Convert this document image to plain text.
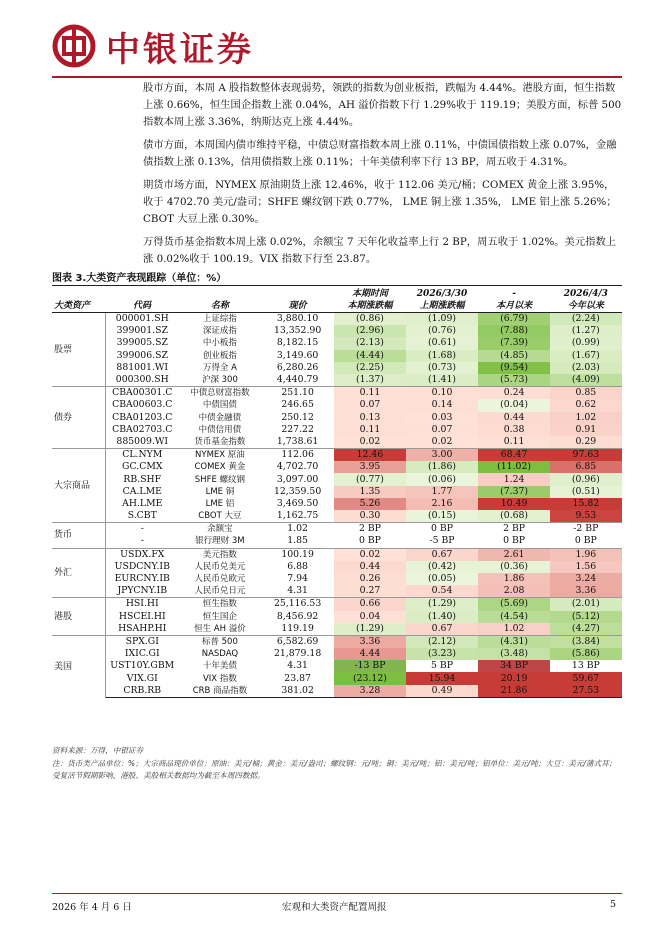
中银证券

股市方面，本周 A 股指数整体表现弱势，领跌的指数为创业板指，跌幅为 4.44%。港股方面，恒生指数上涨 0.66%，恒生国企指数上涨 0.04%，AH 溢价指数下行 1.29%收于 119.19；美股方面，标普 500 指数本周上涨 3.36%，纳斯达克上涨 4.44%。

债市方面，本周国内债市维持平稳，中债总财富指数本周上涨 0.11%，中债国债指数上涨 0.07%，金融债指数上涨 0.13%，信用债指数上涨 0.11%；十年美债利率下行 13 BP，周五收于 4.31%。

期货市场方面，NYMEX 原油期货上涨 12.46%，收于 112.06 美元/桶；COMEX 黄金上涨 3.95%，收于 4702.70 美元/盎司；SHFE 螺纹钢下跌 0.77%， LME 铜上涨 1.35%， LME 铝上涨 5.26%；CBOT 大豆上涨 0.30%。

万得货币基金指数本周上涨 0.02%，余额宝 7 天年化收益率上行 2 BP，周五收于 1.02%。美元指数上涨 0.02%收于 100.19。VIX 指数下行至 23.87。

图表 3.大类资产表现跟踪（单位：%）
				本期时间	2026/3/30	-	2026/4/3
大类资产	代码	名称	现价	本期涨跌幅	上期涨跌幅	本月以来	今年以来
股票	000001.SH	上证综指	3,880.10	(0.86)	(1.09)	(6.79)	(2.24)
	399001.SZ	深证成指	13,352.90	(2.96)	(0.76)	(7.88)	(1.27)
	399005.SZ	中小板指	8,182.15	(2.13)	(0.61)	(7.39)	(0.99)
	399006.SZ	创业板指	3,149.60	(4.44)	(1.68)	(4.85)	(1.67)
	881001.WI	万得全 A	6,280.26	(2.25)	(0.73)	(9.54)	(2.03)
	000300.SH	沪深 300	4,440.79	(1.37)	(1.41)	(5.73)	(4.09)
债券	CBA00301.C	中债总财富指数	251.10	0.11	0.10	0.24	0.85
	CBA00603.C	中债国债	246.65	0.07	0.14	(0.04)	0.62
	CBA01203.C	中债金融债	250.12	0.13	0.03	0.44	1.02
	CBA02703.C	中债信用债	227.22	0.11	0.07	0.38	0.91
	885009.WI	货币基金指数	1,738.61	0.02	0.02	0.11	0.29
大宗商品	CL.NYM	NYMEX 原油	112.06	12.46	3.00	68.47	97.63
	GC.CMX	COMEX 黄金	4,702.70	3.95	(1.86)	(11.02)	6.85
	RB.SHF	SHFE 螺纹钢	3,097.00	(0.77)	(0.06)	1.24	(0.96)
	CA.LME	LME 铜	12,359.50	1.35	1.77	(7.37)	(0.51)
	AH.LME	LME 铝	3,469.50	5.26	2.16	10.49	15.82
	S.CBT	CBOT 大豆	1,162.75	0.30	(0.15)	(0.68)	9.53
货币	-	余额宝	1.02	2 BP	0 BP	2 BP	-2 BP
	-	银行理财 3M	1.85	0 BP	-5 BP	0 BP	0 BP
外汇	USDX.FX	美元指数	100.19	0.02	0.67	2.61	1.96
	USDCNY.IB	人民币兑美元	6.88	0.44	(0.42)	(0.36)	1.56
	EURCNY.IB	人民币兑欧元	7.94	0.26	(0.05)	1.86	3.24
	JPYCNY.IB	人民币兑日元	4.31	0.27	0.54	2.08	3.36
港股	HSI.HI	恒生指数	25,116.53	0.66	(1.29)	(5.69)	(2.01)
	HSCEI.HI	恒生国企	8,456.92	0.04	(1.40)	(4.54)	(5.12)
	HSAHP.HI	恒生 AH 溢价	119.19	(1.29)	0.67	1.02	(4.27)
美国	SPX.GI	标普 500	6,582.69	3.36	(2.12)	(4.31)	(3.84)
	IXIC.GI	NASDAQ	21,879.18	4.44	(3.23)	(3.48)	(5.86)
	UST10Y.GBM	十年美债	4.31	-13 BP	5 BP	34 BP	13 BP
	VIX.GI	VIX 指数	23.87	(23.12)	15.94	20.19	59.67
	CRB.RB	CRB 商品指数	381.02	3.28	0.49	21.86	27.53
资料来源：万得，中银证券
注：货币类产品单位：%；大宗商品现价单位：原油：美元/桶；黄金：美元/盎司；螺纹钢：元/吨；铜：美元/吨；铝：美元/吨；铝单位：美元/吨；大豆：美元/蒲式耳；受复活节假期影响，港股、美股相关数据均为截至本周四数据。
2026 年 4 月 6 日	宏观和大类资产配置周报	5
